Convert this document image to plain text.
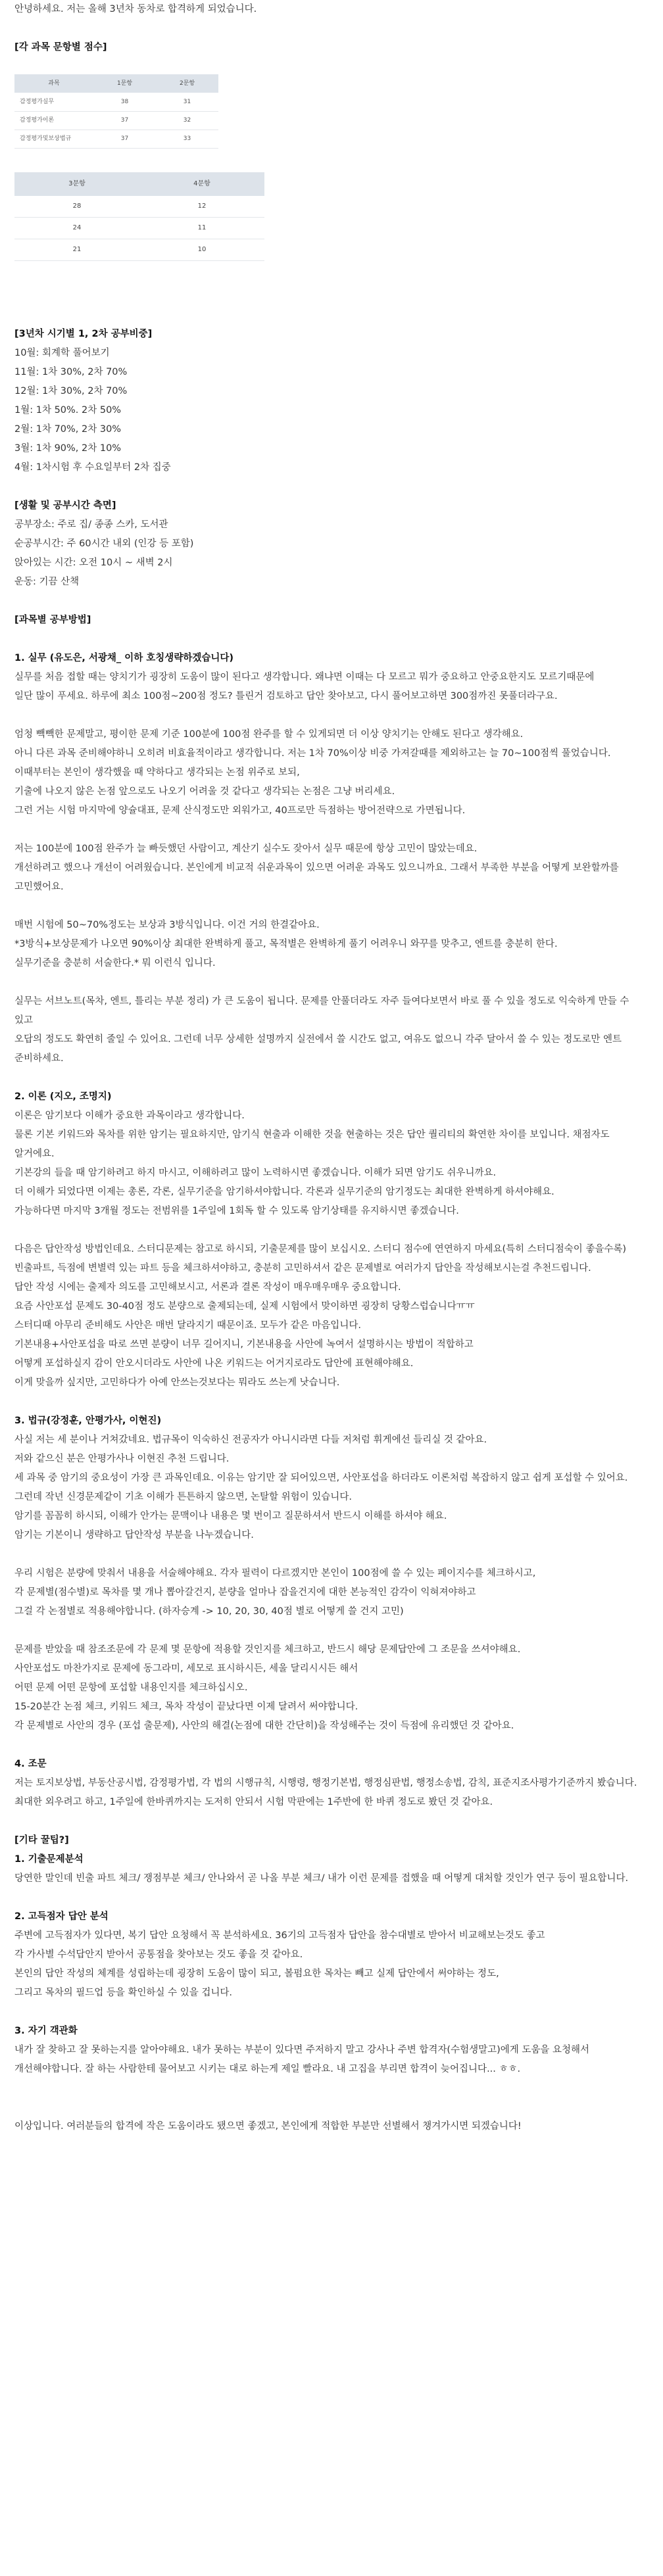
안녕하세요. 저는 올해 3년차 동차로 합격하게 되었습니다.
[각 과목 문항별 점수]
과목	1문항	2문항
감정평가실무	38	31
감정평가이론	37	32
감정평가및보상법규	37	33
3문항	4문항
28	12
24	11
21	10
[3년차 시기별 1, 2차 공부비중]
10월: 회계학 풀어보기
11월: 1차 30%, 2차 70%
12월: 1차 30%, 2차 70%
1월: 1차 50%. 2차 50%
2월: 1차 70%, 2차 30%
3월: 1차 90%, 2차 10%
4월: 1차시험 후 수요일부터 2차 집중
[생활 및 공부시간 측면]
공부장소: 주로 집/ 종종 스카, 도서관
순공부시간: 주 60시간 내외 (인강 등 포함)
앉아있는 시간: 오전 10시 ~ 새벽 2시
운동: 기끔 산책
[과목별 공부방법]
1. 실무 (유도은, 서광채_ 이하 호칭생략하겠습니다)
실무를 처음 접할 때는 양치기가 굉장히 도움이 많이 된다고 생각합니다. 왜냐면 이때는 다 모르고 뭐가 중요하고 안중요한지도 모르기때문에
일단 많이 푸세요. 하루에 최소 100점~200점 정도? 틀린거 검토하고 답안 찾아보고, 다시 풀어보고하면 300점까진 못풀더라구요.
엄청 빽빽한 문제말고, 평이한 문제 기준 100분에 100점 완주를 할 수 있게되면 더 이상 양치기는 안해도 된다고 생각해요.
아니 다른 과목 준비해야하니 오히려 비효율적이라고 생각합니다. 저는 1차 70%이상 비중 가져갈때를 제외하고는 늘 70~100점씩 풀었습니다.
이때부터는 본인이 생각했을 때 약하다고 생각되는 논점 위주로 보되,
기출에 나오지 않은 논점 앞으로도 나오기 어려울 것 같다고 생각되는 논점은 그냥 버리세요.
그런 거는 시험 마지막에 양슐대표, 문제 산식정도만 외워가고, 40프로만 득점하는 방어전략으로 가면됩니다.
저는 100분에 100점 완주가 늘 빠듯했던 사람이고, 계산기 실수도 잦아서 실무 때문에 항상 고민이 많았는데요.
개선하려고 했으나 개선이 어려웠습니다. 본인에게 비교적 쉬운과목이 있으면 어려운 과목도 있으니까요. 그래서 부족한 부분을 어떻게 보완할까를 고민했어요.
매번 시험에 50~70%정도는 보상과 3방식입니다. 이건 거의 한결같아요.
*3방식+보상문제가 나오면 90%이상 최대한 완벽하게 풀고, 목적별은 완벽하게 풀기 어려우니 와꾸를 맞추고, 엔트를 충분히 한다.
실무기준을 충분히 서술한다.* 뭐 이런식 입니다.
실무는 서브노트(목차, 엔트, 틀리는 부분 정리) 가 큰 도움이 됩니다. 문제를 안풀더라도 자주 들여다보면서 바로 풀 수 있을 정도로 익숙하게 만들 수 있고
오답의 정도도 확연히 줄일 수 있어요. 그런데 너무 상세한 설명까지 실전에서 쓸 시간도 없고, 여유도 없으니 각주 달아서 쓸 수 있는 정도로만 엔트 준비하세요.
2. 이론 (지오, 조명지)
이론은 암기보다 이해가 중요한 과목이라고 생각합니다.
물론 기본 키워드와 목차를 위한 암기는 필요하지만, 암기식 현출과 이해한 것을 현출하는 것은 답안 퀄리티의 확연한 차이를 보입니다. 채점자도 알거에요.
기본강의 들을 때 암기하려고 하지 마시고, 이해하려고 많이 노력하시면 좋겠습니다. 이해가 되면 암기도 쉬우니까요.
더 이해가 되었다면 이제는 총론, 각론, 실무기준을 암기하셔야합니다. 각론과 실무기준의 암기정도는 최대한 완벽하게 하셔야해요.
가능하다면 마지막 3개월 정도는 전범위를 1주일에 1회독 할 수 있도록 암기상태를 유지하시면 좋겠습니다.
다음은 답안작성 방법인데요. 스터디문제는 참고로 하시되, 기출문제를 많이 보십시오. 스터디 점수에 연연하지 마세요(특히 스터디점숙이 좋을수록)
빈출파트, 득점에 변별력 있는 파트 등을 체크하셔야하고, 충분히 고민하셔서 같은 문제별로 여러가지 답안을 작성해보시는걸 추천드립니다.
답안 작성 시에는 출제자 의도를 고민해보시고, 서론과 결론 작성이 매우매우매우 중요합니다.
요즘 사안포섭 문제도 30-40점 정도 분량으로 출제되는데, 실제 시험에서 맞이하면 굉장히 당황스럽습니다ㅠㅠ
스터디때 아무리 준비해도 사안은 매번 달라지기 때문이죠. 모두가 같은 마음입니다.
기본내용+사안포섭을 따로 쓰면 분량이 너무 길어지니, 기본내용을 사안에 녹여서 설명하시는 방법이 적합하고
어떻게 포섭하실지 감이 안오시더라도 사안에 나온 키워드는 어거지로라도 답안에 표현해야해요.
이게 맞을까 싶지만, 고민하다가 아예 안쓰는것보다는 뭐라도 쓰는게 낫습니다.
3. 법규(강정훈, 안평가사, 이현진)
사실 저는 세 분이나 거쳐갔네요. 법규목이 익숙하신 전공자가 아니시라면 다들 저처럼 휘게에선 들리실 것 같아요.
저와 같으신 분은 안평가사나 이현진 추천 드립니다.
세 과목 중 암기의 중요성이 가장 큰 과목인데요. 이유는 암기만 잘 되어있으면, 사안포섭을 하더라도 이론처럼 복잡하지 않고 쉽게 포섭할 수 있어요.
그런데 작년 신경문제같이 기초 이해가 튼튼하지 않으면, 논탈할 위험이 있습니다.
암기를 꼼꼼히 하시되, 이해가 안가는 문맥이나 내용은 몇 번이고 질문하셔서 반드시 이해를 하셔야 해요.
암기는 기본이니 생략하고 답안작성 부분을 나누겠습니다.
우리 시험은 분량에 맞춰서 내용을 서술해야해요. 각자 필력이 다르겠지만 본인이 100점에 쓸 수 있는 페이지수를 체크하시고,
각 문제별(점수별)로 목차를 몇 개나 뽑아갈건지, 분량을 얼마나 잡을건지에 대한 본능적인 감각이 익혀져야하고
그걸 각 논점별로 적용해야합니다. (하자승계 -> 10, 20, 30, 40점 별로 어떻게 쓸 건지 고민)
문제를 받았을 때 참조조문에 각 문제 몇 문항에 적용할 것인지를 체크하고, 반드시 해당 문제답안에 그 조문을 쓰셔야해요.
사안포섭도 마찬가지로 문제에 동그라미, 세모로 표시하시든, 세울 달리시시든 해서
어떤 문제 어떤 문항에 포섭할 내용인지를 체크하십시오.
15-20분간 논점 체크, 키워드 체크, 목차 작성이 끝났다면 이제 달려서 써야합니다.
각 문제별로 사안의 경우 (포섭 출문제), 사안의 해결(논점에 대한 간단히)을 작성해주는 것이 득점에 유리했던 것 같아요.
4. 조문
저는 토지보상법, 부동산공시법, 감정평가법, 각 법의 시행규칙, 시행령, 행정기본법, 행정심판법, 행정소송법, 감칙, 표준지조사평가기준까지 봤습니다.
최대한 외우려고 하고, 1주일에 한바퀴까지는 도저히 안되서 시험 막판에는 1주반에 한 바퀴 정도로 봤던 것 같아요.
[기타 꿀팁?]
1. 기출문제분석
당연한 말인데 빈출 파트 체크/ 쟁점부분 체크/ 안나와서 곧 나올 부분 체크/ 내가 이런 문제를 접했을 때 어떻게 대처할 것인가 연구 등이 필요합니다.
2. 고득점자 답안 분석
주변에 고득점자가 있다면, 복기 답안 요청해서 꼭 분석하세요. 36기의 고득점자 답안을 참수대별로 받아서 비교해보는것도 좋고
각 가사별 수석답안지 받아서 공통점을 찾아보는 것도 좋을 것 같아요.
본인의 답안 작성의 체계를 성립하는데 굉장히 도움이 많이 되고, 볼펌요한 목차는 빼고 실제 답안에서 써야하는 정도,
그리고 목차의 필드업 등을 확인하실 수 있을 겁니다.
3. 자기 객관화
내가 잘 찾하고 잘 못하는지를 알아야해요. 내가 못하는 부분이 있다면 주저하지 말고 강사나 주변 합격자(수험생말고)에게 도움을 요청해서
개선해야합니다. 잘 하는 사람한테 물어보고 시키는 대로 하는게 제일 빨라요. 내 고집을 부리면 합격이 늦어집니다... ㅎㅎ.
이상입니다. 여러분들의 합격에 작은 도움이라도 됐으면 좋겠고, 본인에게 적합한 부분만 선별해서 챙겨가시면 되겠습니다!
